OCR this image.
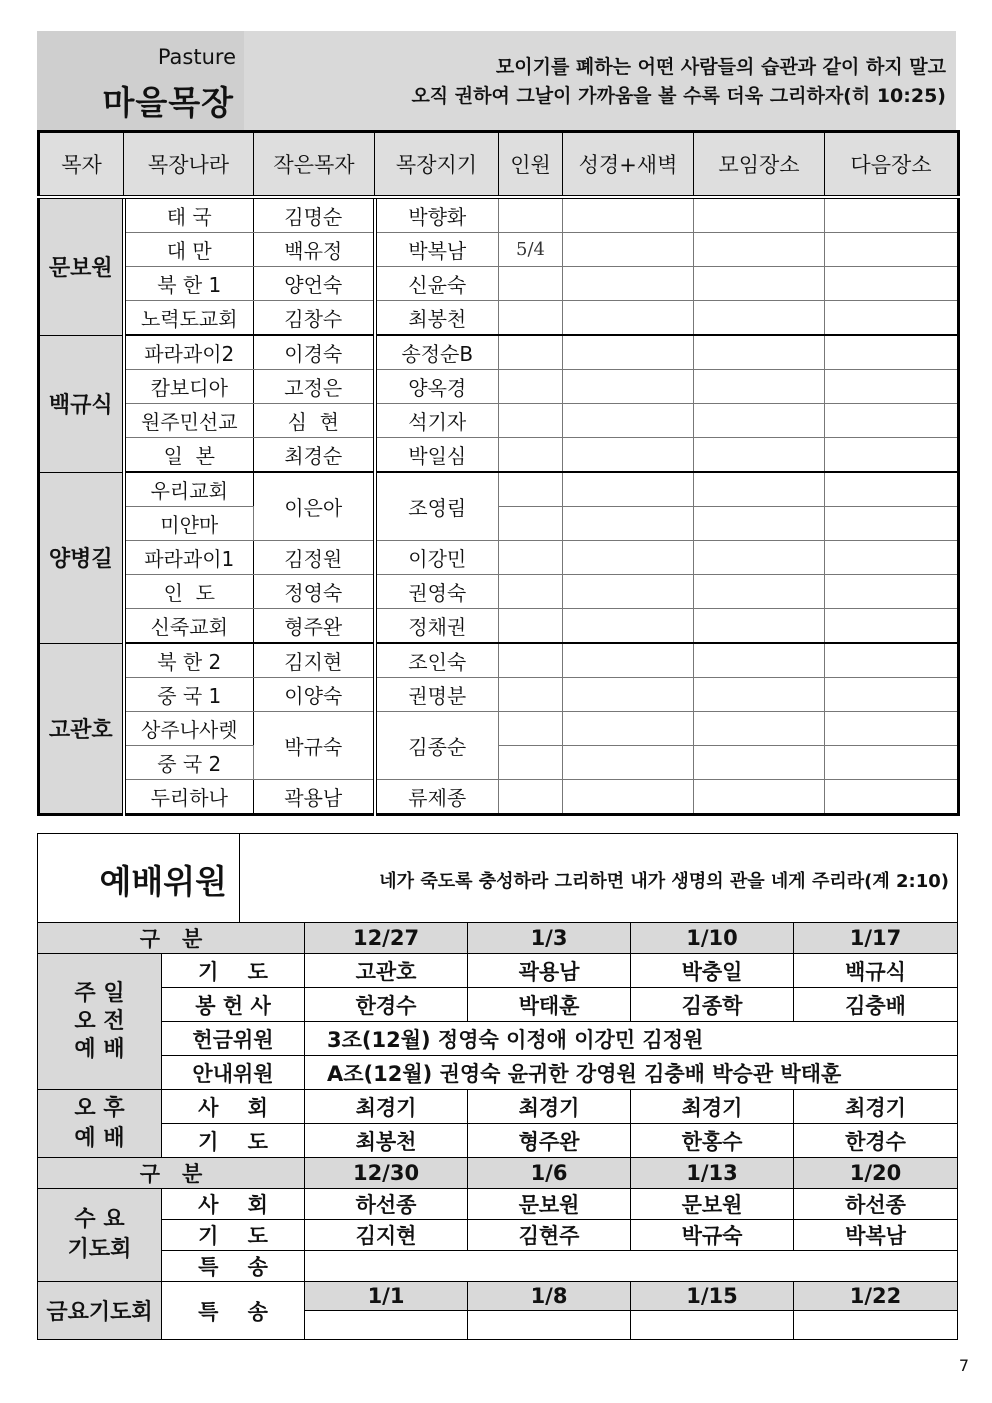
Pasture
마을목장
모이기를 폐하는 어떤 사람들의 습관과 같이 하지 말고
오직 권하여 그날이 가까움을 볼 수록 더욱 그리하자(히 10:25)
목자	목장나라	작은목자	목장지기	인원	성경+새벽	모임장소	다음장소
문보원	태 국	김명순	박향화				
	대 만	백유정	박복남	5/4			
	북 한 1	양언숙	신윤숙				
	노력도교회	김창수	최봉천				
백규식	파라과이2	이경숙	송정순B				
	캄보디아	고정은	양옥경				
	원주민선교	심  현	석기자				
	일  본	최경순	박일심				
양병길	우리교회	이은아	조영림				
	미얀마						
	파라과이1	김정원	이강민				
	인  도	정영숙	권영숙				
	신죽교회	형주완	정채권				
고관호	북 한 2	김지현	조인숙				
	중 국 1	이양숙	권명분				
	상주나사렛	박규숙	김종순				
	중 국 2						
	두리하나	곽용남	류제종				
예배위원	네가 죽도록 충성하라 그리하면 내가 생명의 관을 네게 주리라(계 2:10)
구   분		12/27	1/3	1/10	1/17

주 일
오 전
예 배	기    도	고관호	곽용남	박충일	백규식
	봉 헌 사	한경수	박태훈	김종학	김충배
	헌금위원	3조(12월) 정영숙 이정애 이강민 김정원			
	안내위원	A조(12월) 권영숙 윤귀한 강영원 김충배 박승관 박태훈			

오 후
예 배	사    회	최경기	최경기	최경기	최경기
	기    도	최봉천	형주완	한홍수	한경수
구   분		12/30	1/6	1/13	1/20

수 요
기도회	사    회	하선종	문보원	문보원	하선종
	기    도	김지현	김현주	박규숙	박복남
	특    송				
금요기도회	특    송	1/1	1/8	1/15	1/22

7
